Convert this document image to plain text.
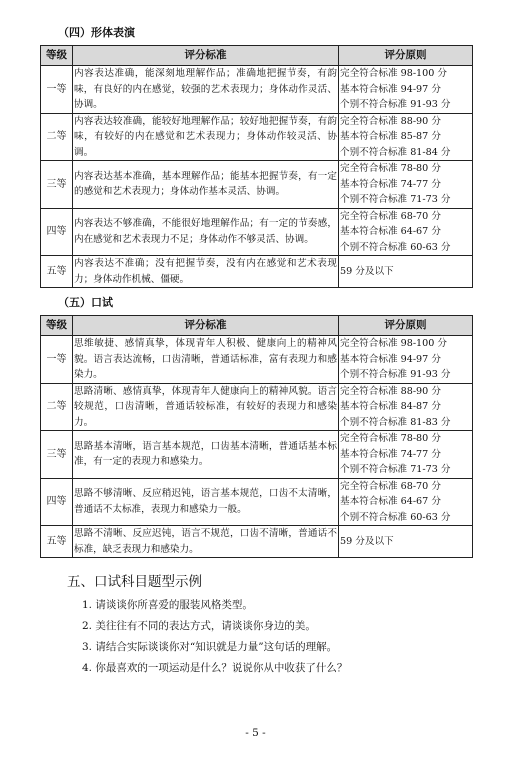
（四）形体表演
等级	评分标准	评分原则
一等	内容表达准确，能深刻地理解作品；准确地把握节奏，有韵味，有良好的内在感觉，较强的艺术表现力；身体动作灵活、协调。	完全符合标准 98-100 分
基本符合标准 94-97 分
个别不符合标准 91-93 分

二等	内容表达较准确，能较好地理解作品；较好地把握节奏，有韵味，有较好的内在感觉和艺术表现力；身体动作较灵活、协调。	完全符合标准 88-90 分
基本符合标准 85-87 分
个别不符合标准 81-84 分

三等	内容表达基本准确，基本理解作品；能基本把握节奏，有一定的感觉和艺术表现力；身体动作基本灵活、协调。	完全符合标准 78-80 分
基本符合标准 74-77 分
个别不符合标准 71-73 分

四等	内容表达不够准确，不能很好地理解作品；有一定的节奏感，内在感觉和艺术表现力不足；身体动作不够灵活、协调。	完全符合标准 68-70 分
基本符合标准 64-67 分
个别不符合标准 60-63 分

五等	内容表达不准确；没有把握节奏，没有内在感觉和艺术表现力；身体动作机械、僵硬。	59 分及以下
（五）口试
等级	评分标准	评分原则
一等	思维敏捷、感情真挚，体现青年人积极、健康向上的精神风貌。语言表达流畅，口齿清晰，普通话标准，富有表现力和感染力。	完全符合标准 98-100 分
基本符合标准 94-97 分
个别不符合标准 91-93 分

二等	思路清晰、感情真挚，体现青年人健康向上的精神风貌。语言较规范，口齿清晰，普通话较标准，有较好的表现力和感染力。	完全符合标准 88-90 分
基本符合标准 84-87 分
个别不符合标准 81-83 分

三等	思路基本清晰，语言基本规范，口齿基本清晰，普通话基本标准，有一定的表现力和感染力。	完全符合标准 78-80 分
基本符合标准 74-77 分
个别不符合标准 71-73 分

四等	思路不够清晰、反应稍迟钝，语言基本规范，口齿不太清晰，普通话不太标准，表现力和感染力一般。	完全符合标准 68-70 分
基本符合标准 64-67 分
个别不符合标准 60-63 分

五等	思路不清晰、反应迟钝，语言不规范，口齿不清晰，普通话不标准，缺乏表现力和感染力。	59 分及以下
五、口试科目题型示例
1. 请谈谈你所喜爱的服装风格类型。
2. 美往往有不同的表达方式，请谈谈你身边的美。
3. 请结合实际谈谈你对“知识就是力量”这句话的理解。
4. 你最喜欢的一项运动是什么？说说你从中收获了什么？
- 5 -
